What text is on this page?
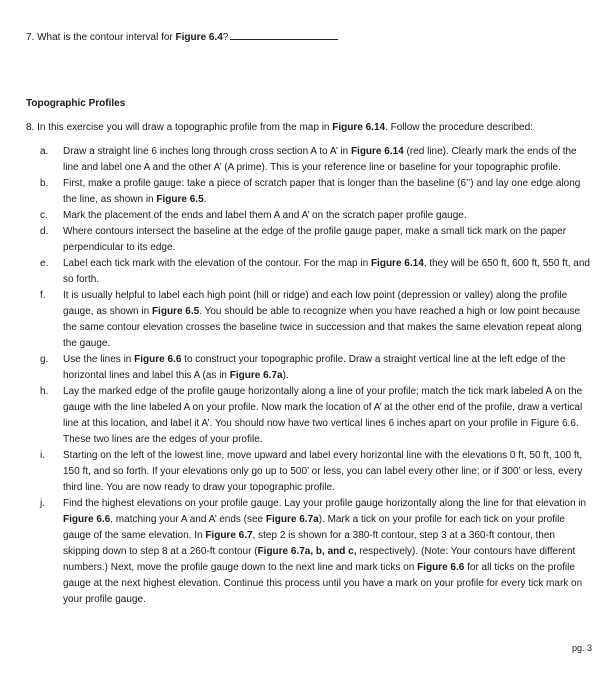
7. What is the contour interval for Figure 6.4?
Topographic Profiles
8. In this exercise you will draw a topographic profile from the map in Figure 6.14. Follow the procedure described:
a.	Draw a straight line 6 inches long through cross section A to A’ in Figure 6.14 (red line). Clearly mark the ends of the line and label one A and the other A’ (A prime). This is your reference line or baseline for your topographic profile.
b.	First, make a profile gauge: take a piece of scratch paper that is longer than the baseline (6’’) and lay one edge along the line, as shown in Figure 6.5.
c.	Mark the placement of the ends and label them A and A’ on the scratch paper profile gauge.
d.	Where contours intersect the baseline at the edge of the profile gauge paper, make a small tick mark on the paper perpendicular to its edge.
e.	Label each tick mark with the elevation of the contour. For the map in Figure 6.14, they will be 650 ft, 600 ft, 550 ft, and so forth.
f.	It is usually helpful to label each high point (hill or ridge) and each low point (depression or valley) along the profile gauge, as shown in Figure 6.5. You should be able to recognize when you have reached a high or low point because the same contour elevation crosses the baseline twice in succession and that makes the same elevation repeat along the gauge.
g.	Use the lines in Figure 6.6 to construct your topographic profile. Draw a straight vertical line at the left edge of the horizontal lines and label this A (as in Figure 6.7a).
h.	Lay the marked edge of the profile gauge horizontally along a line of your profile; match the tick mark labeled A on the gauge with the line labeled A on your profile. Now mark the location of A’ at the other end of the profile, draw a vertical line at this location, and label it A’. You should now have two vertical lines 6 inches apart on your profile in Figure 6.6. These two lines are the edges of your profile.
i.	Starting on the left of the lowest line, move upward and label every horizontal line with the elevations 0 ft, 50 ft, 100 ft, 150 ft, and so forth. If your elevations only go up to 500’ or less, you can label every other line; or if 300’ or less, every third line. You are now ready to draw your topographic profile.
j.	Find the highest elevations on your profile gauge. Lay your profile gauge horizontally along the line for that elevation in Figure 6.6, matching your A and A’ ends (see Figure 6.7a). Mark a tick on your profile for each tick on your profile gauge of the same elevation. In Figure 6.7, step 2 is shown for a 380-ft contour, step 3 at a 360-ft contour, then skipping down to step 8 at a 260-ft contour (Figure 6.7a, b, and c, respectively). (Note: Your contours have different numbers.) Next, move the profile gauge down to the next line and mark ticks on Figure 6.6 for all ticks on the profile gauge at the next highest elevation. Continue this process until you have a mark on your profile for every tick mark on your profile gauge.
pg. 3
